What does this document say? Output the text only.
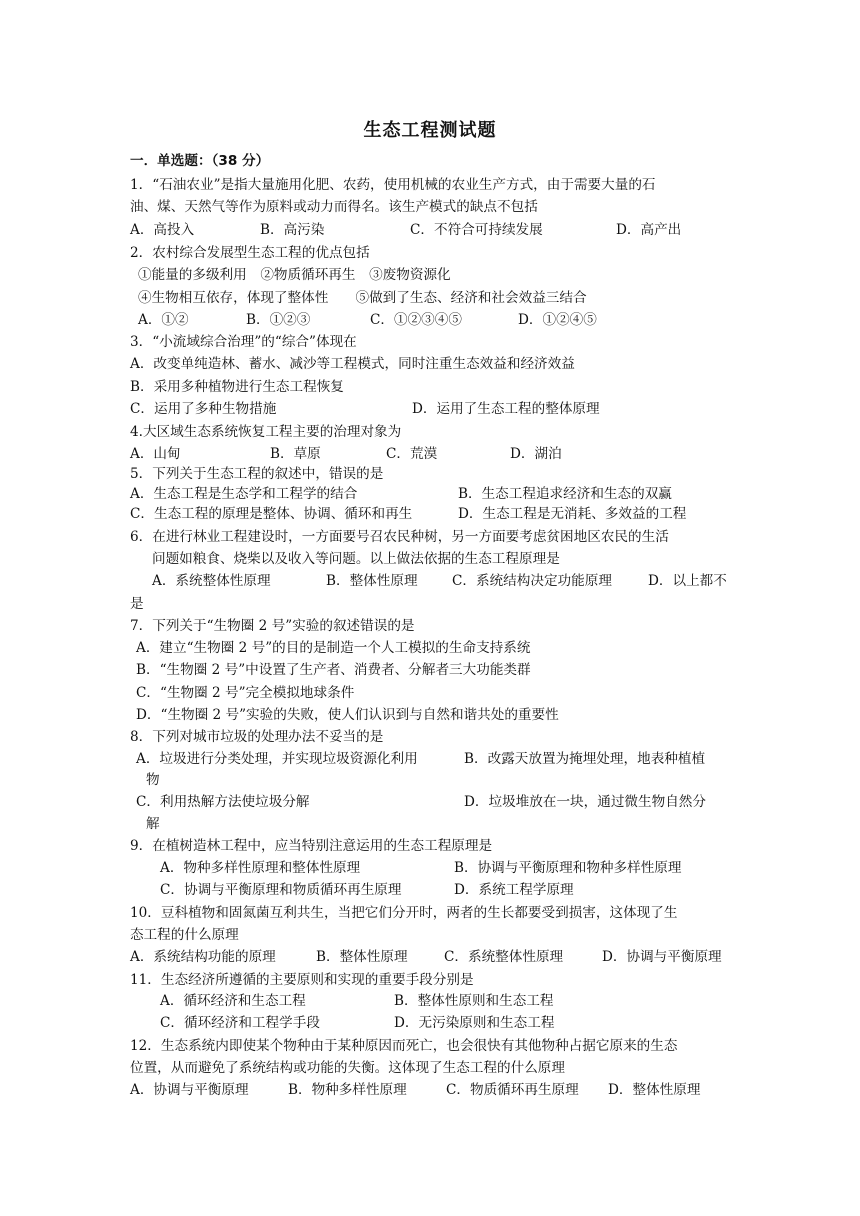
生态工程测试题
一．单选题：（38 分）
1．“石油农业”是指大量施用化肥、农药，使用机械的农业生产方式，由于需要大量的石
油、煤、天然气等作为原料或动力而得名。该生产模式的缺点不包括
A．高投入	B．高污染	C．不符合可持续发展	D．高产出
2．农村综合发展型生态工程的优点包括
①能量的多级利用　②物质循环再生　③废物资源化
④生物相互依存，体现了整体性　　⑤做到了生态、经济和社会效益三结合
A．①②	B．①②③	C．①②③④⑤	D．①②④⑤
3．“小流域综合治理”的“综合”体现在
A．改变单纯造林、蓄水、减沙等工程模式，同时注重生态效益和经济效益
B．采用多种植物进行生态工程恢复
C．运用了多种生物措施	D．运用了生态工程的整体原理
4.大区域生态系统恢复工程主要的治理对象为
A．山甸	B．草原	C．荒漠	D．湖泊
5．下列关于生态工程的叙述中，错误的是
A．生态工程是生态学和工程学的结合	B．生态工程追求经济和生态的双赢
C．生态工程的原理是整体、协调、循环和再生	D．生态工程是无消耗、多效益的工程
6．在进行林业工程建设时，一方面要号召农民种树，另一方面要考虑贫困地区农民的生活
问题如粮食、烧柴以及收入等问题。以上做法依据的生态工程原理是
A．系统整体性原理	B．整体性原理	C．系统结构决定功能原理	D．以上都不
是
7．下列关于“生物圈 2 号”实验的叙述错误的是
A．建立“生物圈 2 号”的目的是制造一个人工模拟的生命支持系统
B．“生物圈 2 号”中设置了生产者、消费者、分解者三大功能类群
C．“生物圈 2 号”完全模拟地球条件
D．“生物圈 2 号”实验的失败，使人们认识到与自然和谐共处的重要性
8．下列对城市垃圾的处理办法不妥当的是
A．垃圾进行分类处理，并实现垃圾资源化利用	B．改露天放置为掩埋处理，地表种植植
物
C．利用热解方法使垃圾分解	D．垃圾堆放在一块，通过微生物自然分
解
9．在植树造林工程中，应当特别注意运用的生态工程原理是
A．物种多样性原理和整体性原理	B．协调与平衡原理和物种多样性原理
C．协调与平衡原理和物质循环再生原理	D．系统工程学原理
10．豆科植物和固氮菌互利共生，当把它们分开时，两者的生长都要受到损害，这体现了生
态工程的什么原理
A．系统结构功能的原理	B．整体性原理	C．系统整体性原理	D．协调与平衡原理
11．生态经济所遵循的主要原则和实现的重要手段分别是
A．循环经济和生态工程	B．整体性原则和生态工程
C．循环经济和工程学手段	D．无污染原则和生态工程
12．生态系统内即使某个物种由于某种原因而死亡，也会很快有其他物种占据它原来的生态
位置，从而避免了系统结构或功能的失衡。这体现了生态工程的什么原理
A．协调与平衡原理	B．物种多样性原理	C．物质循环再生原理 D．整体性原理
